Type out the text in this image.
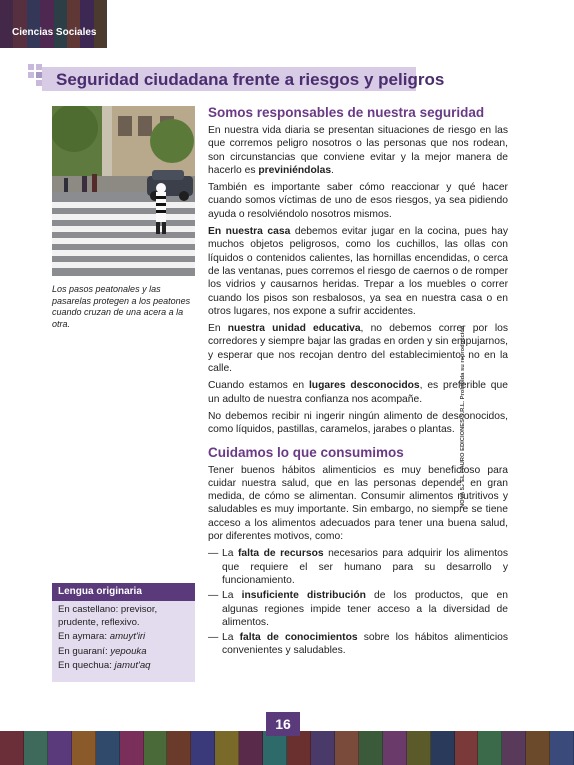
Ciencias Sociales
Seguridad ciudadana frente a riesgos y peligros
Los pasos peatonales y las pasarelas protegen a los peatones cuando cruzan de una acera a la otra.
Somos responsables de nuestra seguridad

En nuestra vida diaria se presentan situaciones de riesgo en las que corremos peligro nosotros o las personas que nos rodean, son circunstancias que conviene evitar y la mejor manera de hacerlo es previniéndolas.

También es importante saber cómo reaccionar y qué hacer cuando somos víctimas de uno de esos riesgos, ya sea pidiendo ayuda o resolviéndolo nosotros mismos.

En nuestra casa debemos evitar jugar en la cocina, pues hay muchos objetos peligrosos, como los cuchillos, las ollas con líquidos o contenidos calientes, las hornillas encendidas, o cerca de las ventanas, pues corremos el riesgo de caernos o de romper los vidrios y causarnos heridas. Trepar a los muebles o correr cuando los pisos son resbalosos, ya sea en nuestra casa o en otros lugares, nos expone a sufrir accidentes.

En nuestra unidad educativa, no debemos correr por los corredores y siempre bajar las gradas en orden y sin empujarnos, y esperar que nos recojan dentro del establecimiento, no en la calle.

Cuando estamos en lugares desconocidos, es preferible que un adulto de nuestra confianza nos acompañe.

No debemos recibir ni ingerir ningún alimento de desconocidos, como líquidos, pastillas, caramelos, jarabes o plantas.

Cuidamos lo que consumimos

Tener buenos hábitos alimenticios es muy beneficioso para cuidar nuestra salud, que en las personas depende, en gran medida, de cómo se alimentan. Consumir alimentos nutritivos y saludables es muy importante. Sin embargo, no siempre se tiene acceso a los alimentos adecuados para tener una buena salud, por diferentes motivos, como:

— La falta de recursos necesarios para adquirir los alimentos que requiere el ser humano para su desarrollo y funcionamiento.
— La insuficiente distribución de los productos, que en algunas regiones impide tener acceso a la diversidad de alimentos.
— La falta de conocimientos sobre los hábitos alimenticios convenientes y saludables.
Lengua originaria
En castellano: previsor, prudente, reflexivo.
En aymara: amuyt'iri
En guaraní: yepouka
En quechua: jamut'aq
NOVA 5 - EL PAURO EDICIONES S.R.L. Prohibida su reproducción
16
